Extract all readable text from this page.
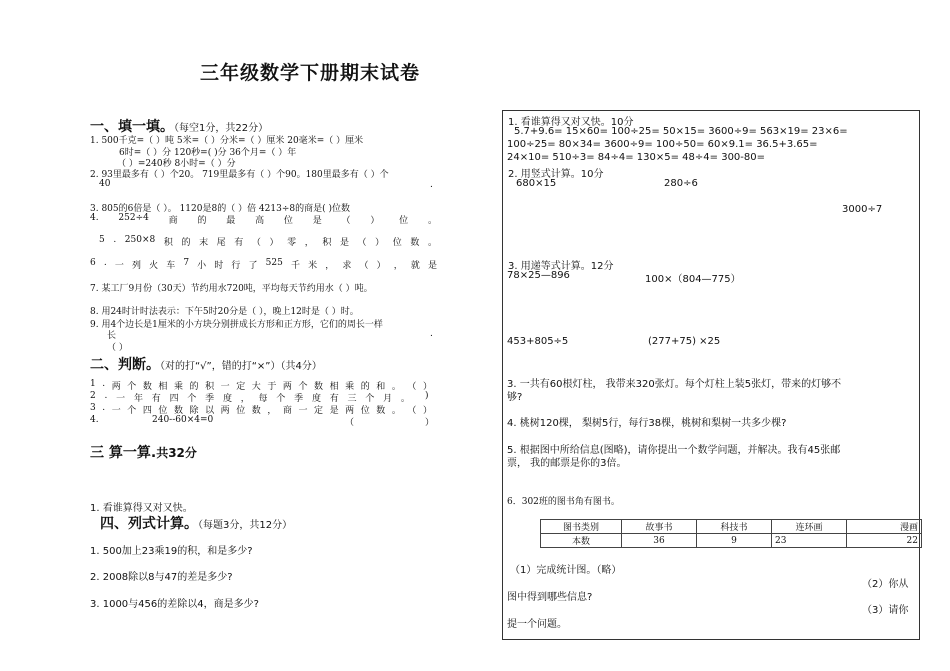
三年级数学下册期末试卷
一、填一填。（每空1分，共22分）
1. 500千克=（ ）吨 5米=（ ）分米=（ ）厘米 20毫米=（ ）厘米
6时=（ ）分 120秒=( )分 36个月=（ ）年
（ ）=240秒 8小时=（ ）分
2. 93里最多有（ ）个20。 719里最多有（ ）个90。180里最多有（ ）个
40	.
3. 805的6倍是（ ）。 1120是8的（ ）倍 4213÷8的商是( )位数
4. 252÷4 商 的 最 高 位 是 （ ） 位 。
5 . 250×8 积 的 末 尾 有 （ ） 零 ， 积 是 （ ） 位 数 。
6 . 一 列 火 车 7 小 时 行 了 525 千 米 ， 求 （ ） ， 就 是
7. 某工厂9月份（30天）节约用水720吨，平均每天节约用水（ ）吨。
8. 用24时计时法表示：下午5时20分是（ ），晚上12时是（ ）时。
9. 用4个边长是1厘米的小方块分别拼成长方形和正方形，它们的周长一样
长	.
（ ）
二、判断。（对的打“√”，错的打“×”）（共4分）
1 . 两 个 数 相 乘 的 积 一 定 大 于 两 个 数 相 乘 的 和 。 （ ）
2 . 一 年 有 四 个 季 度 ， 每 个 季 度 有 三 个 月 。 )
3 . 一 个 四 位 数 除 以 两 位 数 ， 商 一 定 是 两 位 数 。 （ ）
4.	240--60×4=0	（	）
三 算一算.共32分
1. 看谁算得又对又快。
四、列式计算。（每题3分，共12分）
1. 500加上23乘19的积，和是多少?
2. 2008除以8与47的差是多少?
3. 1000与456的差除以4，商是多少?
1. 看谁算得又对又快。10分
5.7+9.6= 15×60= 100÷25= 50×15= 3600÷9= 563×19= 23×6=
100÷25= 80×34= 3600÷9= 100÷50= 60×9.1= 36.5+3.65=
24×10= 510÷3= 84÷4= 130×5= 48÷4= 300-80=
2. 用竖式计算。10分
680×15	280÷6
3000÷7
3. 用递等式计算。12分
78×25—896	100×（804—775）
453+805÷5	(277+75) ×25
3. 一共有60根灯柱， 我带来320张灯。每个灯柱上装5张灯，带来的灯够不
够?
4. 桃树120棵， 梨树5行，每行38棵，桃树和梨树一共多少棵?
5. 根据图中所给信息(图略)，请你提出一个数学问题，并解决。我有45张邮
票， 我的邮票是你的3倍。
6．302班的图书角有图书。
图书类别	故事书	科技书	连环画	漫画
本数	36	9	23	22
（1）完成统计图。（略）
（2）你从
图中得到哪些信息?
（3）请你
提一个问题。
